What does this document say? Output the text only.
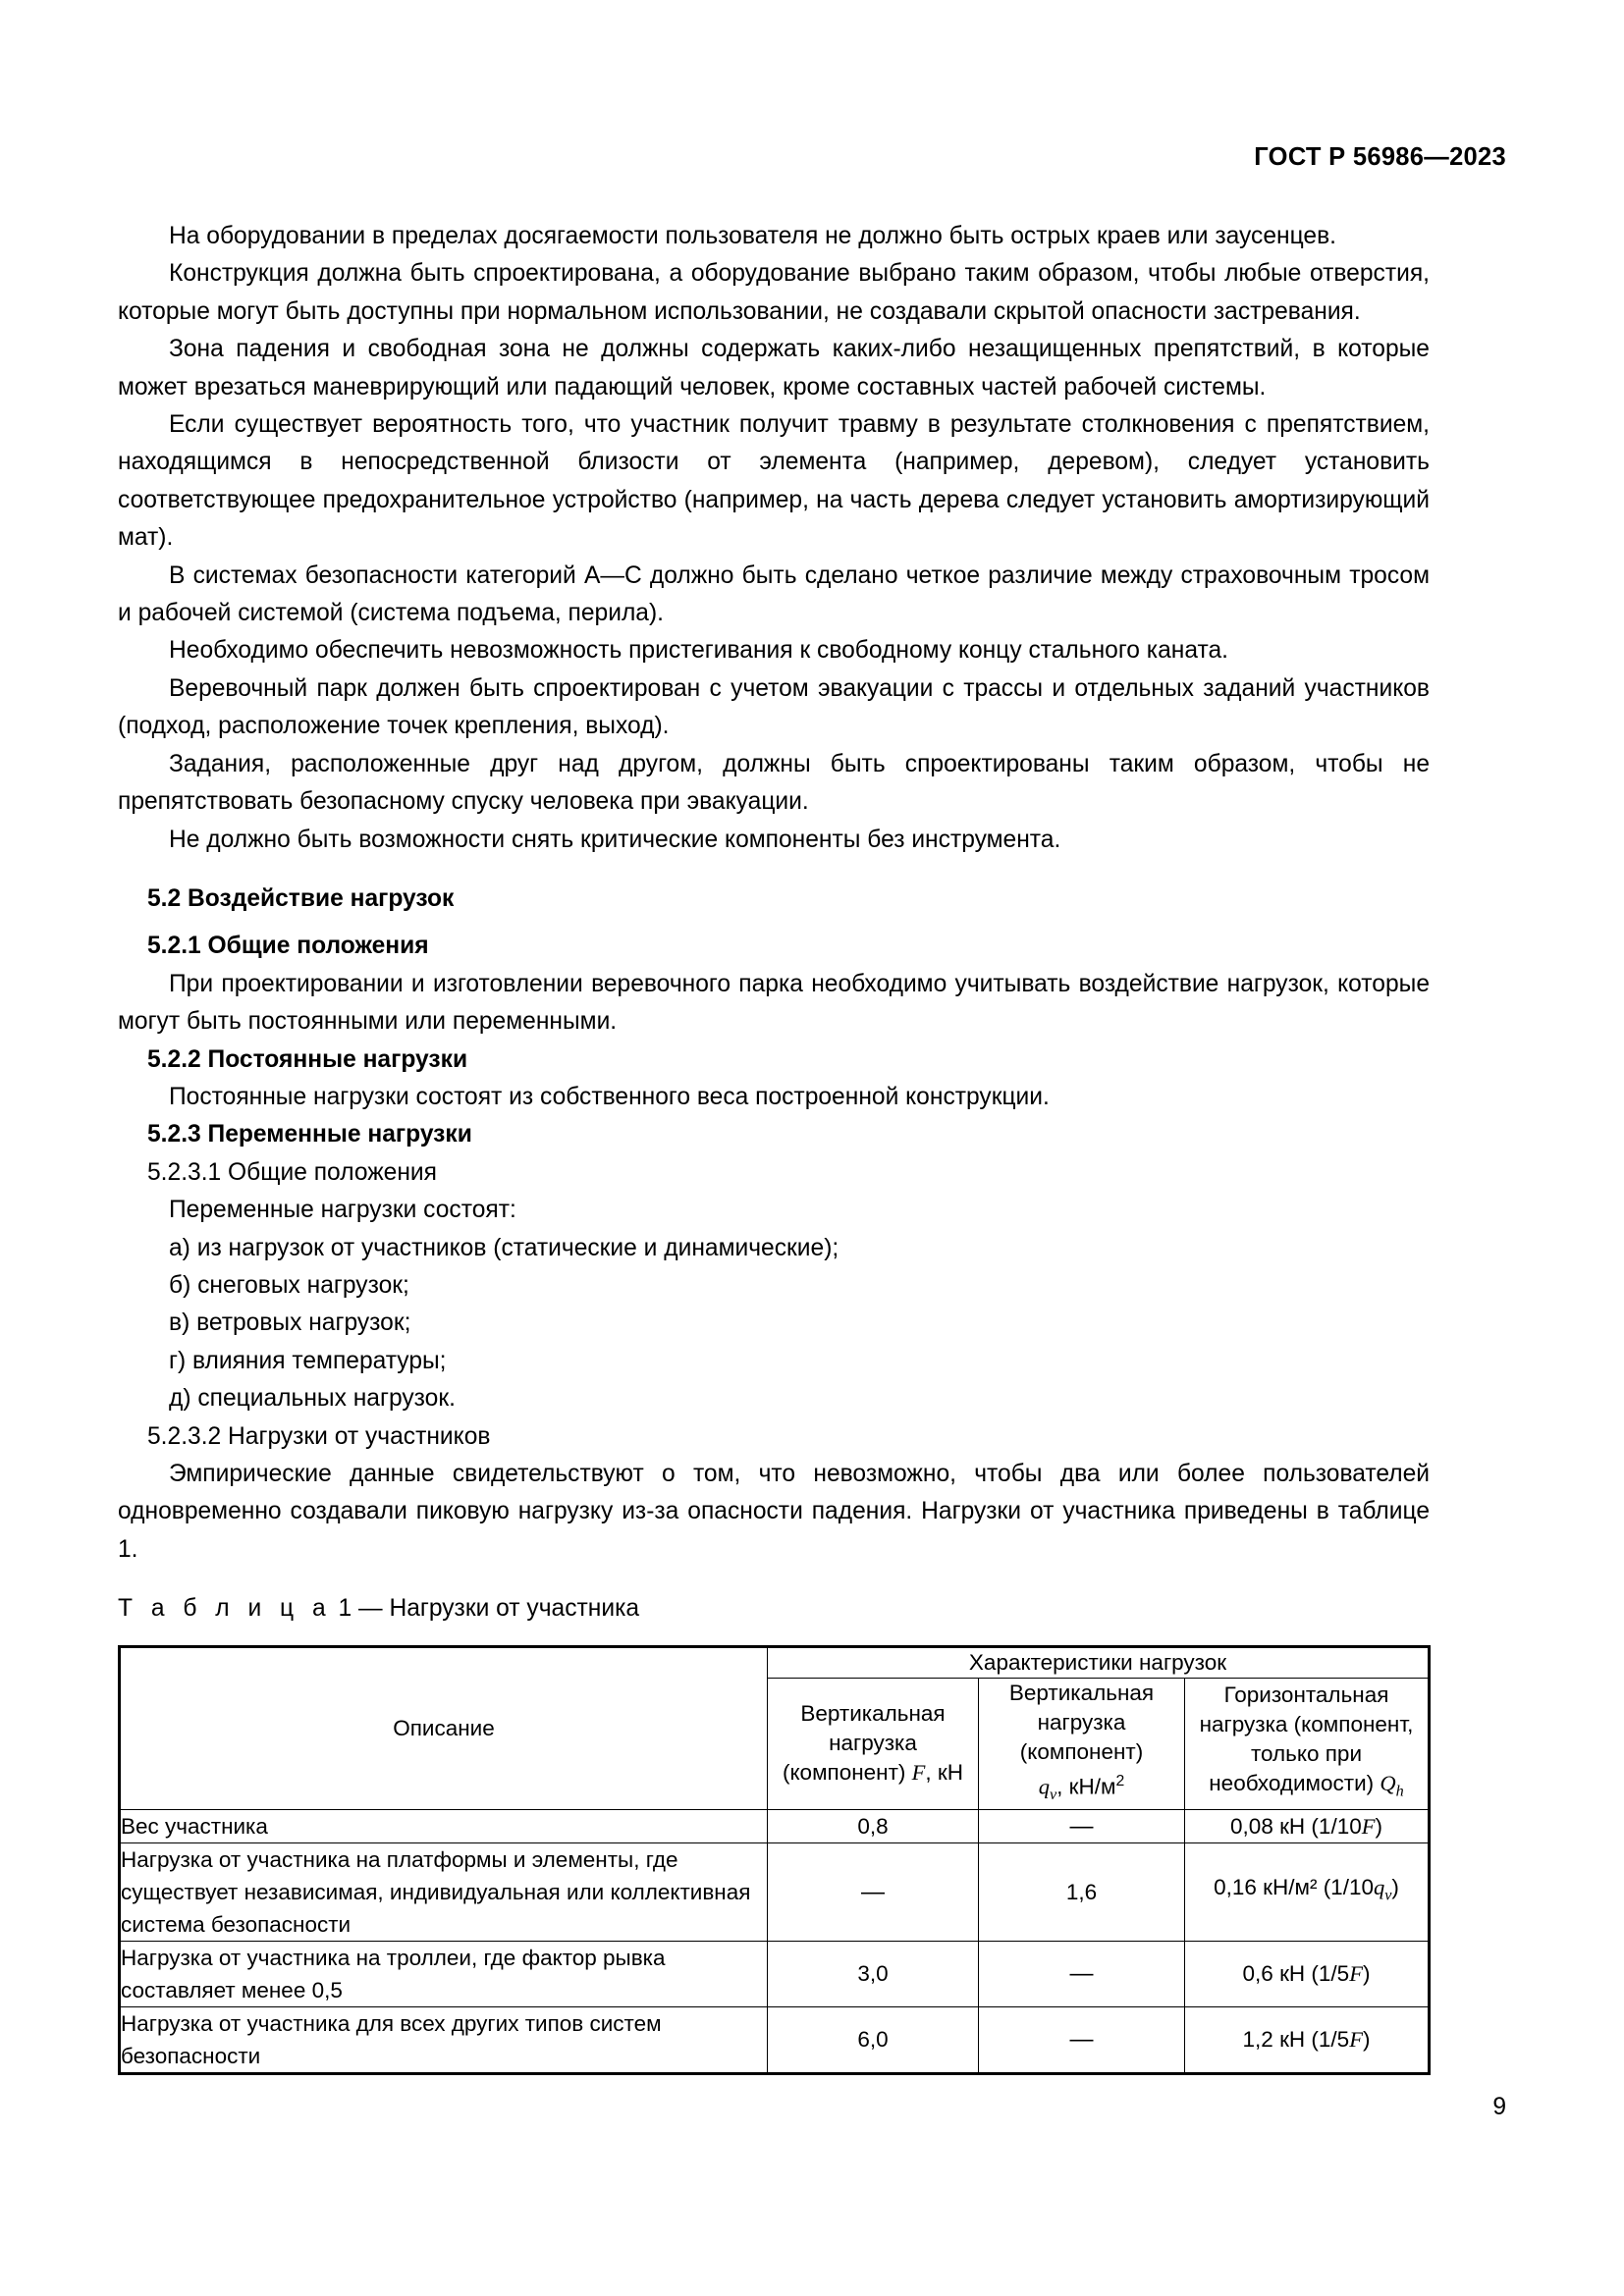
ГОСТ Р 56986—2023

На оборудовании в пределах досягаемости пользователя не должно быть острых краев или заусенцев.

Конструкция должна быть спроектирована, а оборудование выбрано таким образом, чтобы любые отверстия, которые могут быть доступны при нормальном использовании, не создавали скрытой опасности застревания.

Зона падения и свободная зона не должны содержать каких-либо незащищенных препятствий, в которые может врезаться маневрирующий или падающий человек, кроме составных частей рабочей системы.

Если существует вероятность того, что участник получит травму в результате столкновения с препятствием, находящимся в непосредственной близости от элемента (например, деревом), следует установить соответствующее предохранительное устройство (например, на часть дерева следует установить амортизирующий мат).

В системах безопасности категорий А—С должно быть сделано четкое различие между страховочным тросом и рабочей системой (система подъема, перила).

Необходимо обеспечить невозможность пристегивания к свободному концу стального каната.

Веревочный парк должен быть спроектирован с учетом эвакуации с трассы и отдельных заданий участников (подход, расположение точек крепления, выход).

Задания, расположенные друг над другом, должны быть спроектированы таким образом, чтобы не препятствовать безопасному спуску человека при эвакуации.

Не должно быть возможности снять критические компоненты без инструмента.

5.2 Воздействие нагрузок
5.2.1 Общие положения

При проектировании и изготовлении веревочного парка необходимо учитывать воздействие нагрузок, которые могут быть постоянными или переменными.

5.2.2 Постоянные нагрузки

Постоянные нагрузки состоят из собственного веса построенной конструкции.

5.2.3 Переменные нагрузки
5.2.3.1 Общие положения

Переменные нагрузки состоят:

а) из нагрузок от участников (статические и динамические);

б) снеговых нагрузок;

в) ветровых нагрузок;

г) влияния температуры;

д) специальных нагрузок.

5.2.3.2 Нагрузки от участников

Эмпирические данные свидетельствуют о том, что невозможно, чтобы два или более пользователей одновременно создавали пиковую нагрузку из-за опасности падения. Нагрузки от участника приведены в таблице 1.

Т а б л и ц а 1 — Нагрузки от участника

Описание	Характеристики нагрузок		
	Вертикальная
нагрузка
(компонент) F, кН	Вертикальная
нагрузка
(компонент)
$q_v$, $кН/м^2$	Горизонтальная
нагрузка (компонент,
только при
необходимости) $Q_h$
Вес участника	0,8	—	0,08 кН (1/10F)
Нагрузка от участника на платформы и элементы, где существует независимая, индивидуальная или коллективная система безопасности	—	1,6	0,16 кН/м² $(1/10q_v)$
Нагрузка от участника на троллеи, где фактор рывка составляет менее 0,5	3,0	—	0,6 кН (1/5F)
Нагрузка от участника для всех других типов систем безопасности	6,0	—	1,2 кН (1/5F)
9
